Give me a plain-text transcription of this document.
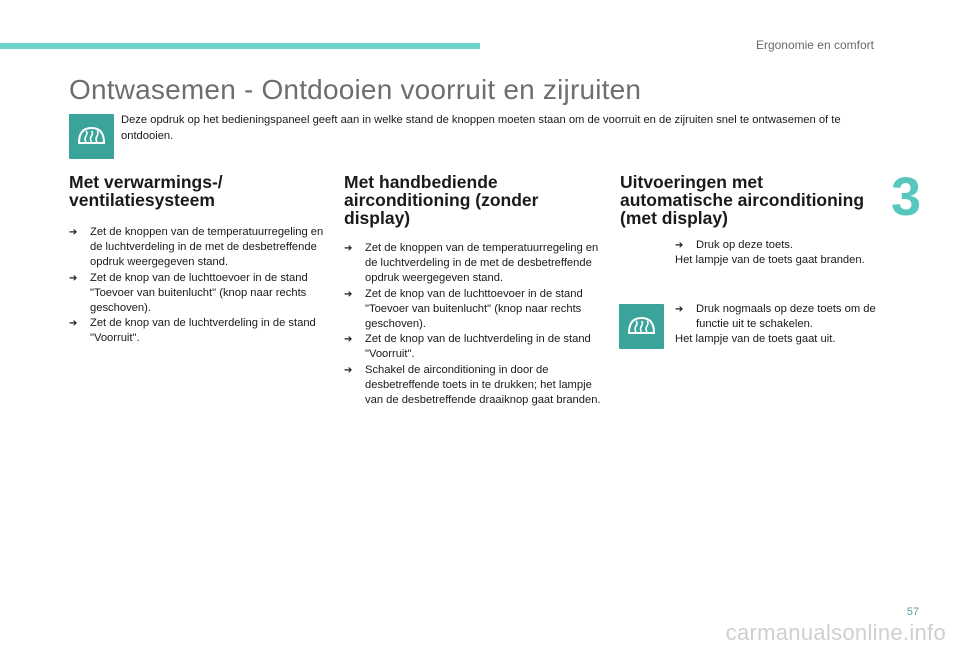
Ergonomie en comfort
Ontwasemen - Ontdooien voorruit en zijruiten

Deze opdruk op het bedieningspaneel geeft aan in welke stand de knoppen moeten staan om de voorruit en de zijruiten snel te ontwasemen of te ontdooien.

3
Met verwarmings-/
ventilatiesysteem
➔ Zet de knoppen van de temperatuurregeling en de luchtverdeling in de met de desbetreffende opdruk weergegeven stand.
➔ Zet de knop van de luchttoevoer in de stand "Toevoer van buitenlucht" (knop naar rechts geschoven).
➔ Zet de knop van de luchtverdeling in de stand "Voorruit".
Met handbediende
airconditioning (zonder
display)
➔ Zet de knoppen van de temperatuurregeling en de luchtverdeling in de met de desbetreffende opdruk weergegeven stand.
➔ Zet de knop van de luchttoevoer in de stand "Toevoer van buitenlucht" (knop naar rechts geschoven).
➔ Zet de knop van de luchtverdeling in de stand "Voorruit".
➔ Schakel de airconditioning in door de desbetreffende toets in te drukken; het lampje van de desbetreffende draaiknop gaat branden.
Uitvoeringen met
automatische airconditioning
(met display)
➔ Druk op deze toets.

Het lampje van de toets gaat branden.

➔ Druk nogmaals op deze toets om de functie uit te schakelen.

Het lampje van de toets gaat uit.

57
carmanualsonline.info
